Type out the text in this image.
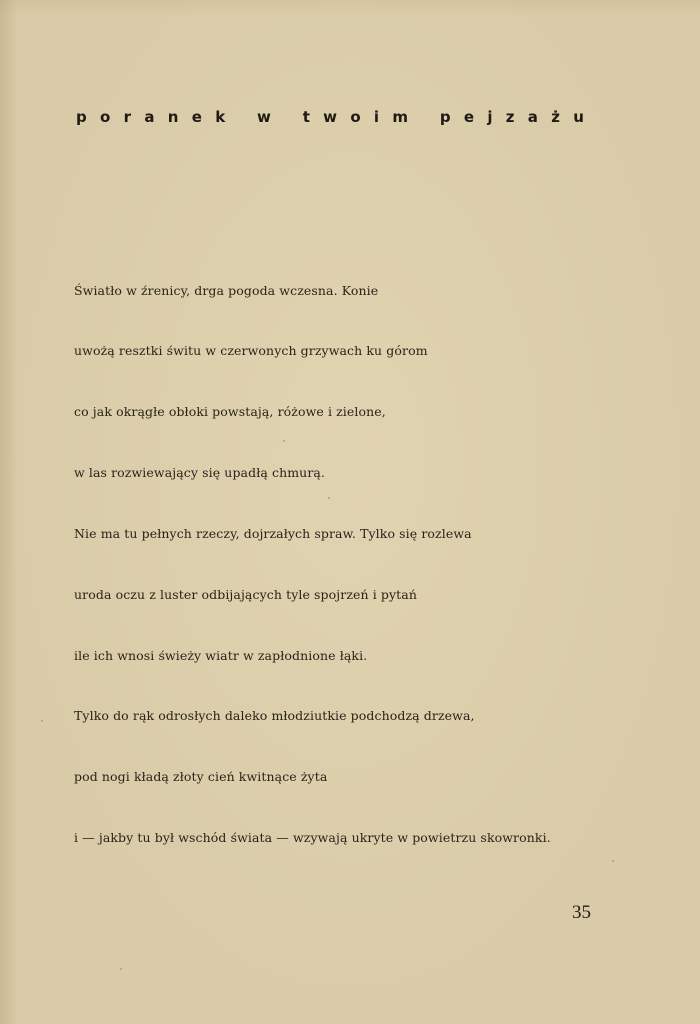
poranek w twoim pejzażu
Światło w źrenicy, drga pogoda wczesna. Konie
uwożą resztki świtu w czerwonych grzywach ku górom
co jak okrągłe obłoki powstają, różowe i zielone,
w las rozwiewający się upadłą chmurą.
Nie ma tu pełnych rzeczy, dojrzałych spraw. Tylko się rozlewa
uroda oczu z luster odbijających tyle spojrzeń i pytań
ile ich wnosi świeży wiatr w zapłodnione łąki.
Tylko do rąk odrosłych daleko młodziutkie podchodzą drzewa,
pod nogi kładą złoty cień kwitnące żyta
i — jakby tu był wschód świata — wzywają ukryte w powietrzu skowronki.
35
